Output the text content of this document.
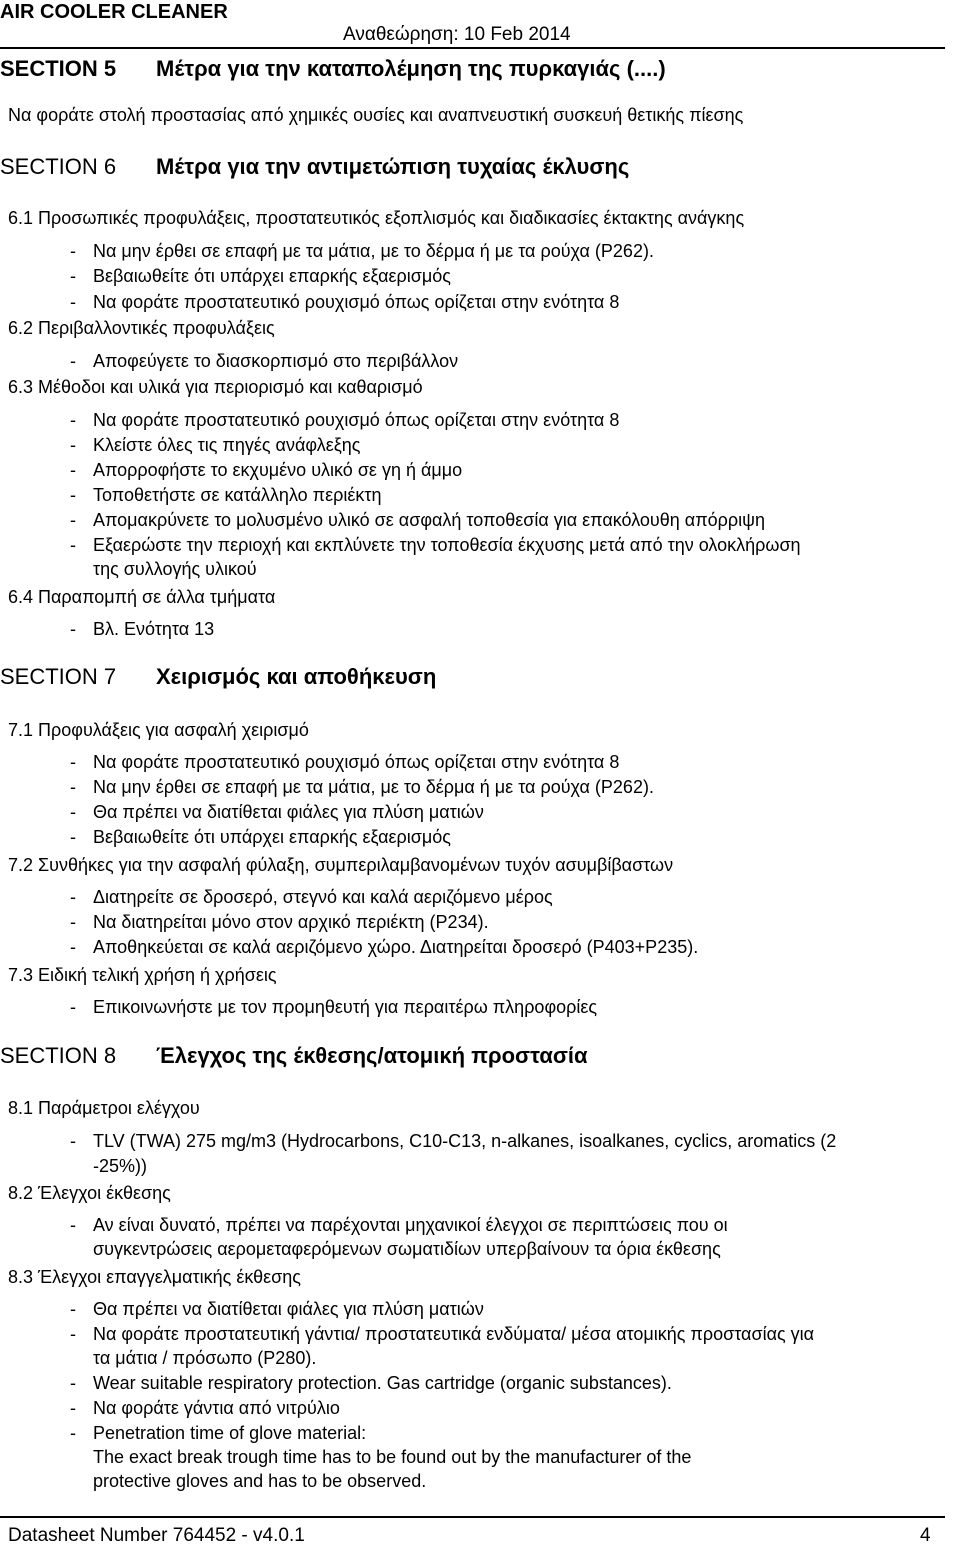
AIR COOLER CLEANER
Αναθεώρηση: 10 Feb 2014
SECTION 5 Μέτρα για την καταπολέμηση της πυρκαγιάς (....)
Να φοράτε στολή προστασίας από χημικές ουσίες και αναπνευστική συσκευή θετικής πίεσης
SECTION 6 Μέτρα για την αντιμετώπιση τυχαίας έκλυσης
6.1 Προσωπικές προφυλάξεις, προστατευτικός εξοπλισμός και διαδικασίες έκτακτης ανάγκης
- Να μην έρθει σε επαφή με τα μάτια, με το δέρμα ή με τα ρούχα (P262).
- Βεβαιωθείτε ότι υπάρχει επαρκής εξαερισμός
- Να φοράτε προστατευτικό ρουχισμό όπως ορίζεται στην ενότητα 8
6.2 Περιβαλλοντικές προφυλάξεις
- Αποφεύγετε το διασκορπισμό στο περιβάλλον
6.3 Μέθοδοι και υλικά για περιορισμό και καθαρισμό
- Να φοράτε προστατευτικό ρουχισμό όπως ορίζεται στην ενότητα 8
- Κλείστε όλες τις πηγές ανάφλεξης
- Απορροφήστε το εκχυμένο υλικό σε γη ή άμμο
- Τοποθετήστε σε κατάλληλο περιέκτη
- Απομακρύνετε το μολυσμένο υλικό σε ασφαλή τοποθεσία για επακόλουθη απόρριψη
- Εξαερώστε την περιοχή και εκπλύνετε την τοποθεσία έκχυσης μετά από την ολοκλήρωση
της συλλογής υλικού
6.4 Παραπομπή σε άλλα τμήματα
- Βλ. Ενότητα 13
SECTION 7 Χειρισμός και αποθήκευση
7.1 Προφυλάξεις για ασφαλή χειρισμό
- Να φοράτε προστατευτικό ρουχισμό όπως ορίζεται στην ενότητα 8
- Να μην έρθει σε επαφή με τα μάτια, με το δέρμα ή με τα ρούχα (P262).
- Θα πρέπει να διατίθεται φιάλες για πλύση ματιών
- Βεβαιωθείτε ότι υπάρχει επαρκής εξαερισμός
7.2 Συνθήκες για την ασφαλή φύλαξη, συμπεριλαμβανομένων τυχόν ασυμβίβαστων
- Διατηρείτε σε δροσερό, στεγνό και καλά αεριζόμενο μέρος
- Να διατηρείται μόνο στον αρχικό περιέκτη (P234).
- Αποθηκεύεται σε καλά αεριζόμενο χώρο. Διατηρείται δροσερό (P403+P235).
7.3 Ειδική τελική χρήση ή χρήσεις
- Επικοινωνήστε με τον προμηθευτή για περαιτέρω πληροφορίες
SECTION 8 Έλεγχος της έκθεσης/ατομική προστασία
8.1 Παράμετροι ελέγχου
- TLV (TWA) 275 mg/m3 (Hydrocarbons, C10-C13, n-alkanes, isoalkanes, cyclics, aromatics (2
-25%))
8.2 Έλεγχοι έκθεσης
- Αν είναι δυνατό, πρέπει να παρέχονται μηχανικοί έλεγχοι σε περιπτώσεις που οι
συγκεντρώσεις αερομεταφερόμενων σωματιδίων υπερβαίνουν τα όρια έκθεσης
8.3 Έλεγχοι επαγγελματικής έκθεσης
- Θα πρέπει να διατίθεται φιάλες για πλύση ματιών
- Να φοράτε προστατευτική γάντια/ προστατευτικά ενδύματα/ μέσα ατομικής προστασίας για
τα μάτια / πρόσωπο (P280).
- Wear suitable respiratory protection. Gas cartridge (organic substances).
- Να φοράτε γάντια από νιτρύλιο
- Penetration time of glove material:
The exact break trough time has to be found out by the manufacturer of the
protective gloves and has to be observed.
Datasheet Number 764452 - v4.0.1	4
